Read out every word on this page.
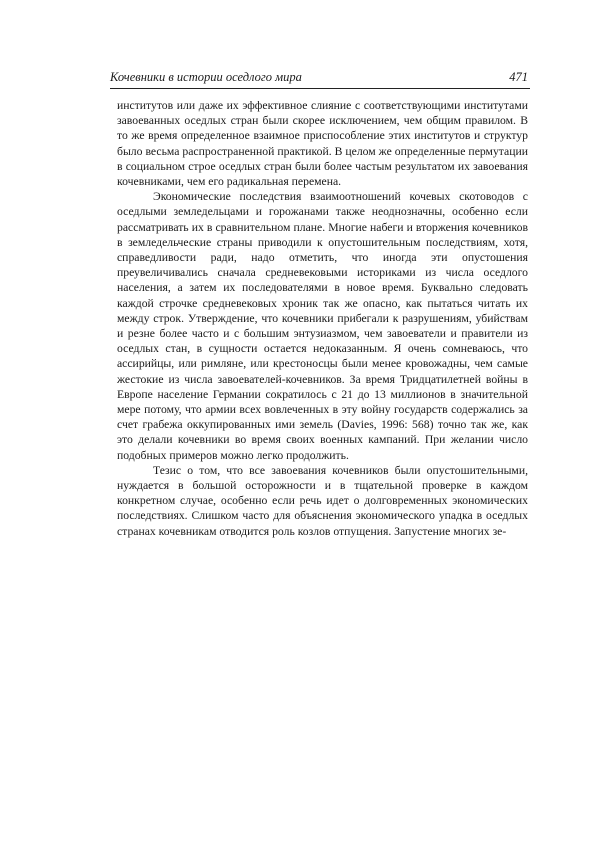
Кочевники в истории оседлого мира	471

институтов или даже их эффективное слияние с соответствующими институтами завоеванных оседлых стран были скорее исключением, чем общим правилом. В то же время определенное взаимное приспособление этих институтов и структур было весьма распространенной практикой. В целом же определенные пермутации в социальном строе оседлых стран были более частым результатом их завоевания кочевниками, чем его радикальная перемена.

Экономические последствия взаимоотношений кочевых скотоводов с оседлыми земледельцами и горожанами также неоднозначны, особенно если рассматривать их в сравнительном плане. Многие набеги и вторжения кочевников в земледельческие страны приводили к опустошительным последствиям, хотя, справедливости ради, надо отметить, что иногда эти опустошения преувеличивались сначала средневековыми историками из числа оседлого населения, а затем их последователями в новое время. Буквально следовать каждой строчке средневековых хроник так же опасно, как пытаться читать их между строк. Утверждение, что кочевники прибегали к разрушениям, убийствам и резне более часто и с большим энтузиазмом, чем завоеватели и правители из оседлых стан, в сущности остается недоказанным. Я очень сомневаюсь, что ассирийцы, или римляне, или крестоносцы были менее кровожадны, чем самые жестокие из числа завоевателей-кочевников. За время Тридцатилетней войны в Европе население Германии сократилось с 21 до 13 миллионов в значительной мере потому, что армии всех вовлеченных в эту войну государств содержались за счет грабежа оккупированных ими земель (Davies, 1996: 568) точно так же, как это делали кочевники во время своих военных кампаний. При желании число подобных примеров можно легко продолжить.

Тезис о том, что все завоевания кочевников были опустошительными, нуждается в большой осторожности и в тщательной проверке в каждом конкретном случае, особенно если речь идет о долговременных экономических последствиях. Слишком часто для объяснения экономического упадка в оседлых странах кочевникам отводится роль козлов отпущения. Запустение многих зе-
